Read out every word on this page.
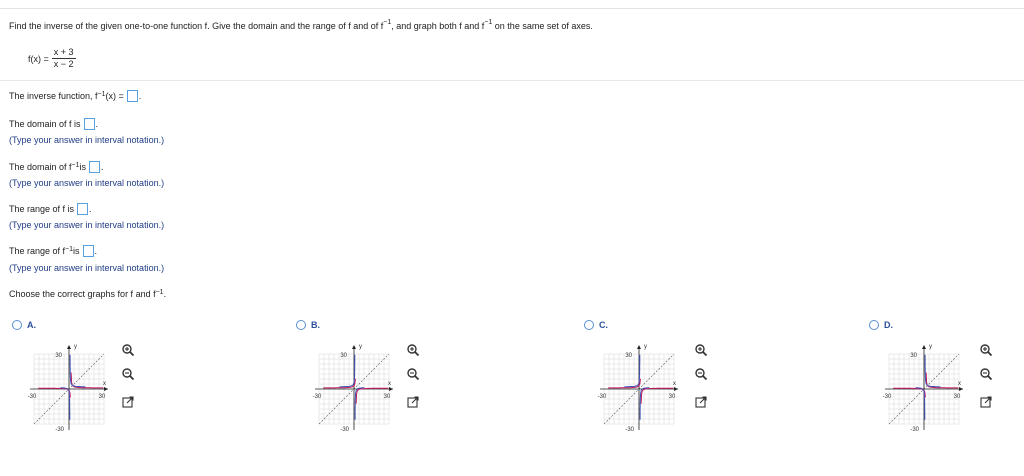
Find the inverse of the given one-to-one function f. Give the domain and the range of f and of $f^{-1}$, and graph both f and $f^{-1}$ on the same set of axes.
$f(x) = \frac{x + 3}{x - 2}$
The inverse function, $f^{-1}$ (x) = .
The domain of f is .
(Type your answer in interval notation.)
The domain of $f^{-1}$ is .
(Type your answer in interval notation.)
The range of f is .
(Type your answer in interval notation.)
The range of $f^{-1}$ is .
(Type your answer in interval notation.)
Choose the correct graphs for f and $f^{-1}$ .
A.	B.	C.	D.
y
x
30
-30
-30	30
y
x
30
-30
-30	30
y
x
30
-30
-30	30
y
x
30
-30
-30	30
